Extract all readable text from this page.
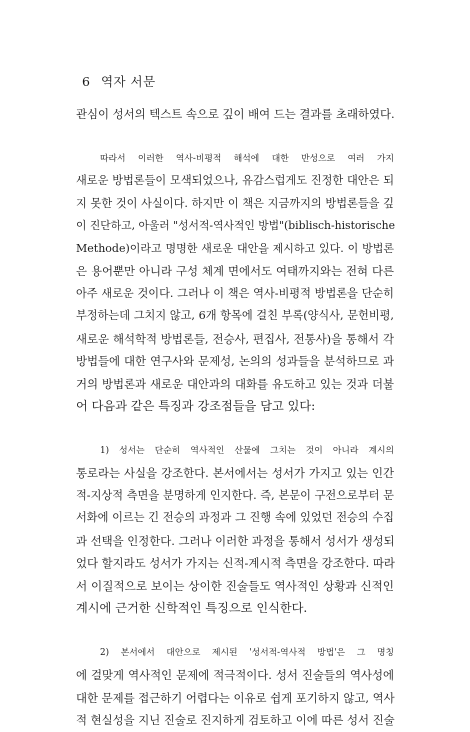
6 역자 서문

관심이 성서의 텍스트 속으로 깊이 배여 드는 결과를 초래하였다.

따라서 이러한 역사-비평적 해석에 대한 반성으로 여러 가지
새로운 방법론들이 모색되었으나, 유감스럽게도 진정한 대안은 되
지 못한 것이 사실이다. 하지만 이 책은 지금까지의 방법론들을 깊
이 진단하고, 아울러 "성서적-역사적인 방법"(biblisch-historische
Methode)이라고 명명한 새로운 대안을 제시하고 있다. 이 방법론
은 용어뿐만 아니라 구성 체계 면에서도 여태까지와는 전혀 다른
아주 새로운 것이다. 그러나 이 책은 역사-비평적 방법론을 단순히
부정하는데 그치지 않고, 6개 항목에 걸친 부록(양식사, 문헌비평,
새로운 해석학적 방법론들, 전승사, 편집사, 전통사)을 통해서 각
방법들에 대한 연구사와 문제성, 논의의 성과들을 분석하므로 과
거의 방법론과 새로운 대안과의 대화를 유도하고 있는 것과 더불
어 다음과 같은 특징과 강조점들을 담고 있다:

1) 성서는 단순히 역사적인 산물에 그치는 것이 아니라 계시의
통로라는 사실을 강조한다. 본서에서는 성서가 가지고 있는 인간
적-지상적 측면을 분명하게 인지한다. 즉, 본문이 구전으로부터 문
서화에 이르는 긴 전승의 과정과 그 진행 속에 있었던 전승의 수집
과 선택을 인정한다. 그러나 이러한 과정을 통해서 성서가 생성되
었다 할지라도 성서가 가지는 신적-계시적 측면을 강조한다. 따라
서 이질적으로 보이는 상이한 진술들도 역사적인 상황과 신적인
계시에 근거한 신학적인 특징으로 인식한다.

2) 본서에서 대안으로 제시된 '성서적-역사적 방법'은 그 명칭
에 걸맞게 역사적인 문제에 적극적이다. 성서 진술들의 역사성에
대한 문제를 접근하기 어렵다는 이유로 쉽게 포기하지 않고, 역사
적 현실성을 지닌 진술로 진지하게 검토하고 이에 따른 성서 진술
